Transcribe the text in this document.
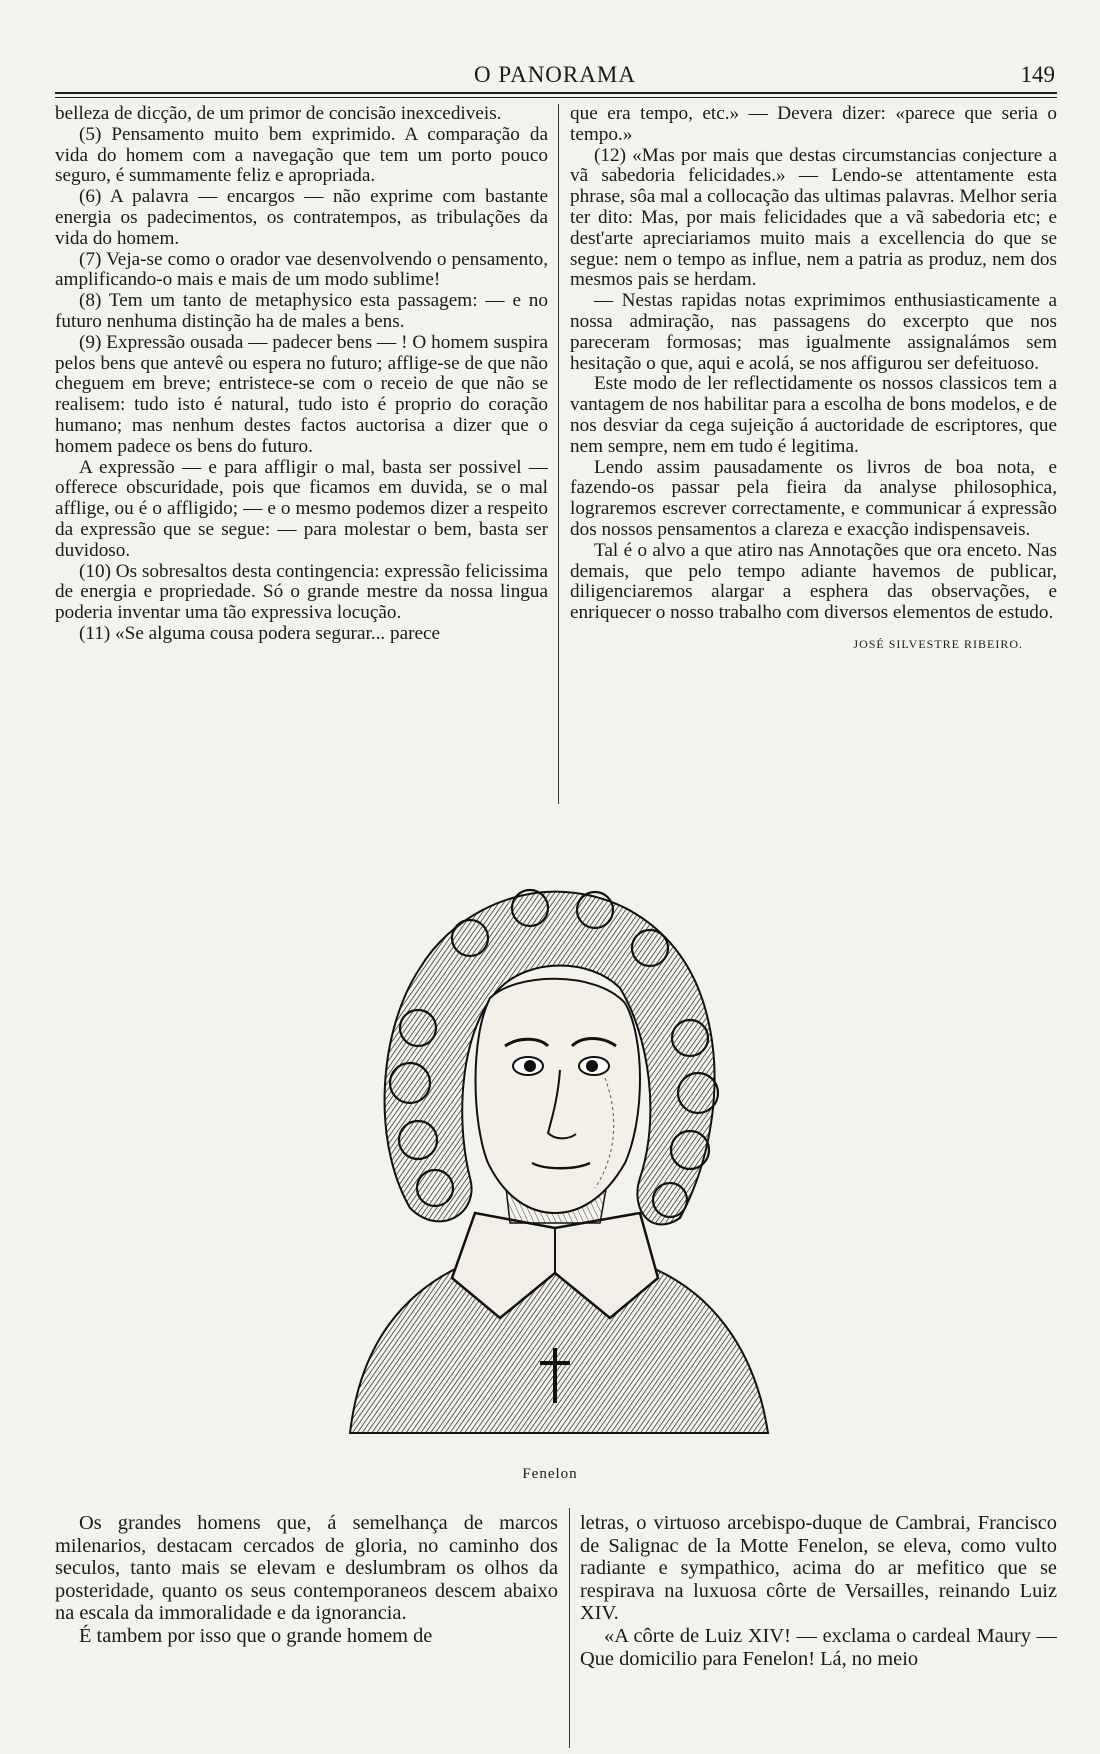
O PANORAMA	149

belleza de dicção, de um primor de concisão inexcediveis.

(5) Pensamento muito bem exprimido. A comparação da vida do homem com a navegação que tem um porto pouco seguro, é summamente feliz e apropriada.

(6) A palavra — encargos — não exprime com bastante energia os padecimentos, os contratempos, as tribulações da vida do homem.

(7) Veja-se como o orador vae desenvolvendo o pensamento, amplificando-o mais e mais de um modo sublime!

(8) Tem um tanto de metaphysico esta passagem: — e no futuro nenhuma distinção ha de males a bens.

(9) Expressão ousada — padecer bens — ! O homem suspira pelos bens que antevê ou espera no futuro; afflige-se de que não cheguem em breve; entristece-se com o receio de que não se realisem: tudo isto é natural, tudo isto é proprio do coração humano; mas nenhum destes factos auctorisa a dizer que o homem padece os bens do futuro.

A expressão — e para affligir o mal, basta ser possivel — offerece obscuridade, pois que ficamos em duvida, se o mal afflige, ou é o affligido; — e o mesmo podemos dizer a respeito da expressão que se segue: — para molestar o bem, basta ser duvidoso.

(10) Os sobresaltos desta contingencia: expressão felicissima de energia e propriedade. Só o grande mestre da nossa lingua poderia inventar uma tão expressiva locução.

(11) «Se alguma cousa podera segurar... parece

que era tempo, etc.» — Devera dizer: «parece que seria o tempo.»

(12) «Mas por mais que destas circumstancias conjecture a vã sabedoria felicidades.» — Lendo-se attentamente esta phrase, sôa mal a collocação das ultimas palavras. Melhor seria ter dito: Mas, por mais felicidades que a vã sabedoria etc; e dest'arte apreciariamos muito mais a excellencia do que se segue: nem o tempo as influe, nem a patria as produz, nem dos mesmos pais se herdam.

— Nestas rapidas notas exprimimos enthusiasticamente a nossa admiração, nas passagens do excerpto que nos pareceram formosas; mas igualmente assignalámos sem hesitação o que, aqui e acolá, se nos affigurou ser defeituoso.

Este modo de ler reflectidamente os nossos classicos tem a vantagem de nos habilitar para a escolha de bons modelos, e de nos desviar da cega sujeição á auctoridade de escriptores, que nem sempre, nem em tudo é legitima.

Lendo assim pausadamente os livros de boa nota, e fazendo-os passar pela fieira da analyse philosophica, lograremos escrever correctamente, e communicar á expressão dos nossos pensamentos a clareza e exacção indispensaveis.

Tal é o alvo a que atiro nas Annotações que ora enceto. Nas demais, que pelo tempo adiante havemos de publicar, diligenciaremos alargar a esphera das observações, e enriquecer o nosso trabalho com diversos elementos de estudo.

JOSÉ SILVESTRE RIBEIRO.

Fenelon

Os grandes homens que, á semelhança de marcos milenarios, destacam cercados de gloria, no caminho dos seculos, tanto mais se elevam e deslumbram os olhos da posteridade, quanto os seus contemporaneos descem abaixo na escala da immoralidade e da ignorancia.

É tambem por isso que o grande homem de

letras, o virtuoso arcebispo-duque de Cambrai, Francisco de Salignac de la Motte Fenelon, se eleva, como vulto radiante e sympathico, acima do ar mefitico que se respirava na luxuosa côrte de Versailles, reinando Luiz XIV.

«A côrte de Luiz XIV! — exclama o cardeal Maury — Que domicilio para Fenelon! Lá, no meio
